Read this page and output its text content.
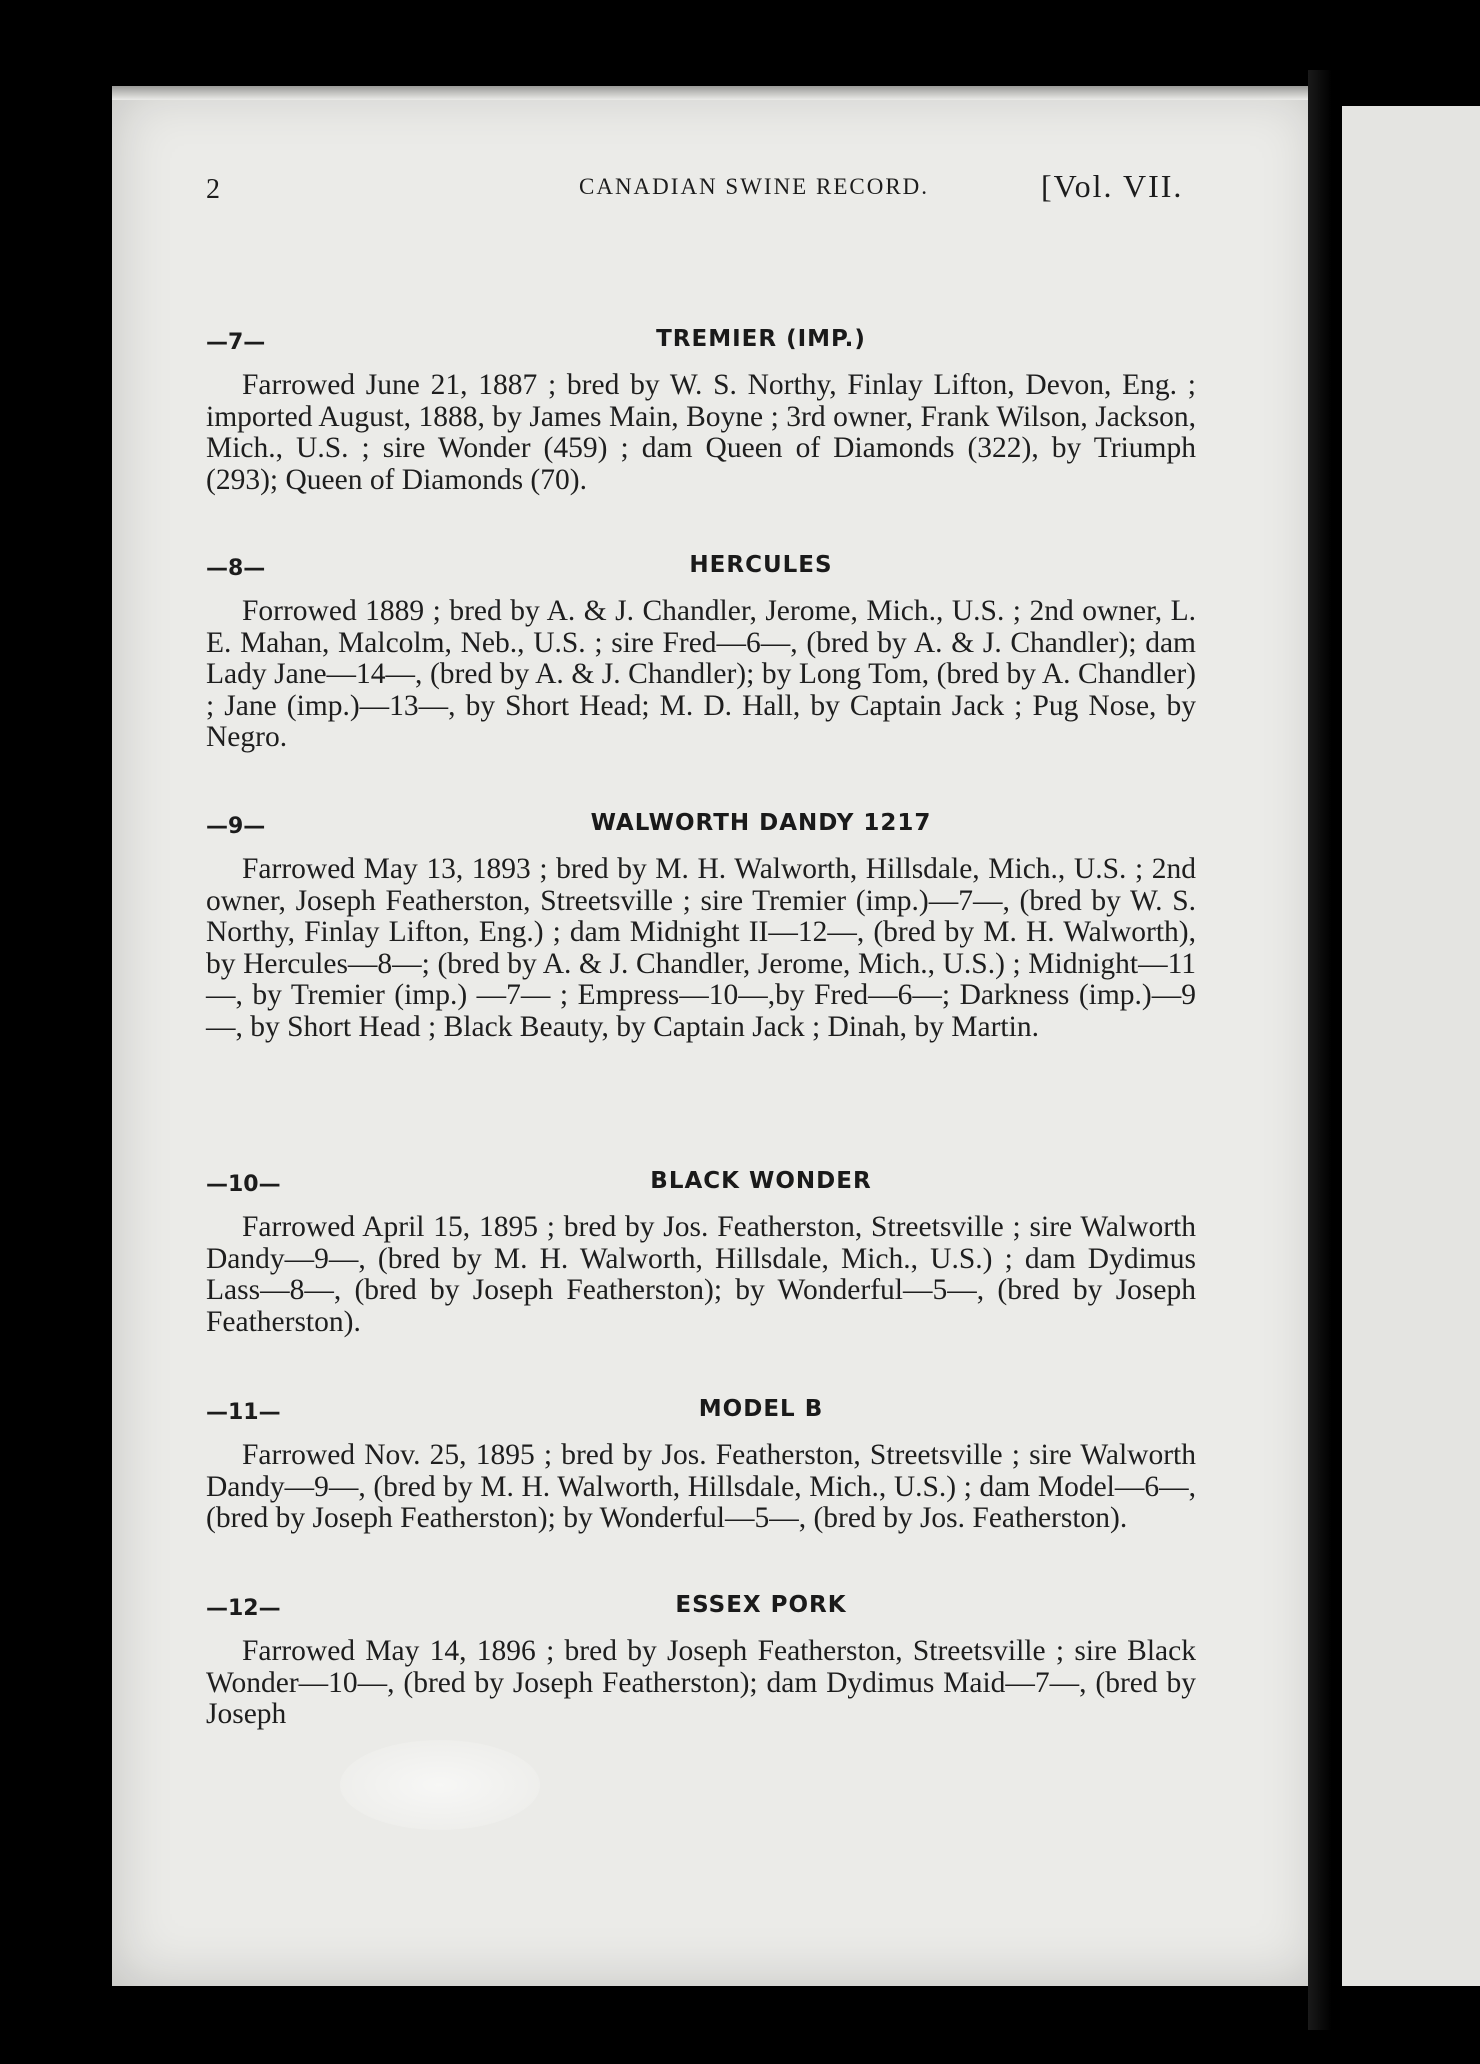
2	CANADIAN SWINE RECORD.	[Vol. VII.
—7—	TREMIER (IMP.)

Farrowed June 21, 1887 ; bred by W. S. Northy, Finlay Lifton, Devon, Eng. ; imported August, 1888, by James Main, Boyne ; 3rd owner, Frank Wilson, Jackson, Mich., U.S. ; sire Wonder (459) ; dam Queen of Diamonds (322), by Triumph (293); Queen of Diamonds (70).

—8—	HERCULES

Forrowed 1889 ; bred by A. & J. Chandler, Jerome, Mich., U.S. ; 2nd owner, L. E. Mahan, Malcolm, Neb., U.S. ; sire Fred—6—, (bred by A. & J. Chandler); dam Lady Jane—14—, (bred by A. & J. Chandler); by Long Tom, (bred by A. Chandler) ; Jane (imp.)—13—, by Short Head; M. D. Hall, by Captain Jack ; Pug Nose, by Negro.

—9—	WALWORTH DANDY 1217

Farrowed May 13, 1893 ; bred by M. H. Walworth, Hillsdale, Mich., U.S. ; 2nd owner, Joseph Featherston, Streetsville ; sire Tremier (imp.)—7—, (bred by W. S. Northy, Finlay Lifton, Eng.) ; dam Midnight II—12—, (bred by M. H. Walworth), by Hercules—8—; (bred by A. & J. Chandler, Jerome, Mich., U.S.) ; Midnight—11—, by Tremier (imp.) —7— ; Empress—10—,by Fred—6—; Darkness (imp.)—9—, by Short Head ; Black Beauty, by Captain Jack ; Dinah, by Martin.

—10—	BLACK WONDER

Farrowed April 15, 1895 ; bred by Jos. Featherston, Streetsville ; sire Walworth Dandy—9—, (bred by M. H. Walworth, Hillsdale, Mich., U.S.) ; dam Dydimus Lass—8—, (bred by Joseph Featherston); by Wonderful—5—, (bred by Joseph Featherston).

—11—	MODEL B

Farrowed Nov. 25, 1895 ; bred by Jos. Featherston, Streetsville ; sire Walworth Dandy—9—, (bred by M. H. Walworth, Hillsdale, Mich., U.S.) ; dam Model—6—, (bred by Joseph Featherston); by Wonderful—5—, (bred by Jos. Featherston).

—12—	ESSEX PORK

Farrowed May 14, 1896 ; bred by Joseph Featherston, Streetsville ; sire Black Wonder—10—, (bred by Joseph Featherston); dam Dydimus Maid—7—, (bred by Joseph
